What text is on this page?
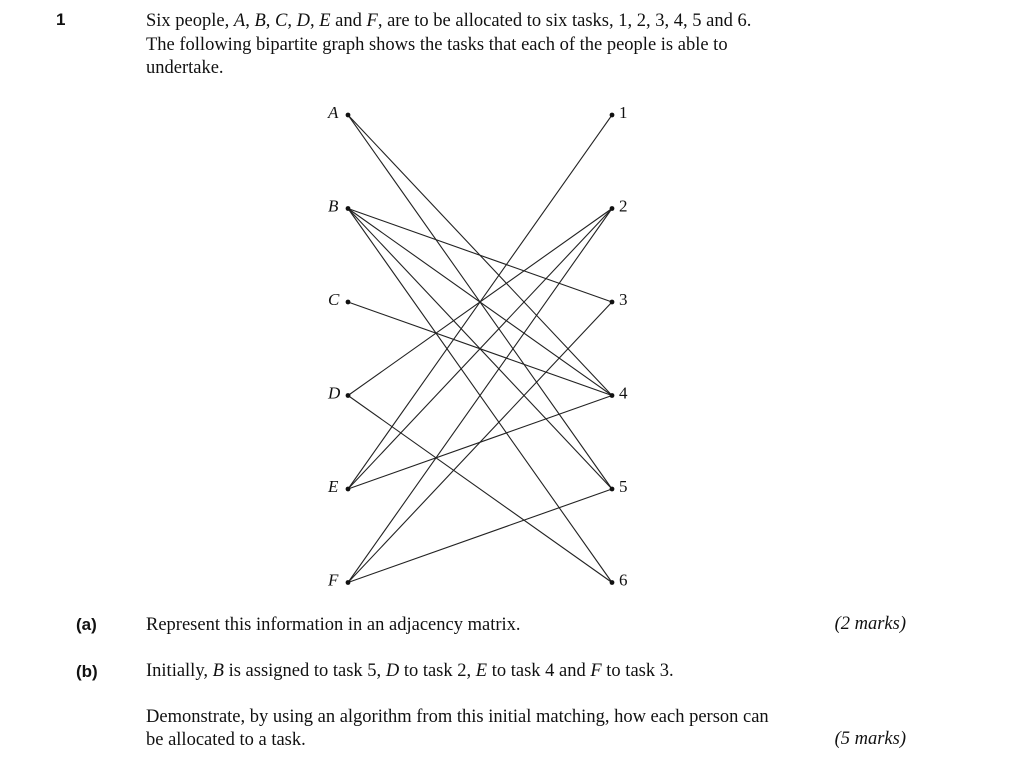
1	Six people, A, B, C, D, E and F, are to be allocated to six tasks, 1, 2, 3, 4, 5 and 6.
The following bipartite graph shows the tasks that each of the people is able to
undertake.
A
B
C
D
E
F
1
2
3
4
5
6
(a)	Represent this information in an adjacency matrix.	(2 marks)
(b)	Initially, B is assigned to task 5, D to task 2, E to task 4 and F to task 3.
Demonstrate, by using an algorithm from this initial matching, how each person can
be allocated to a task.	(5 marks)
